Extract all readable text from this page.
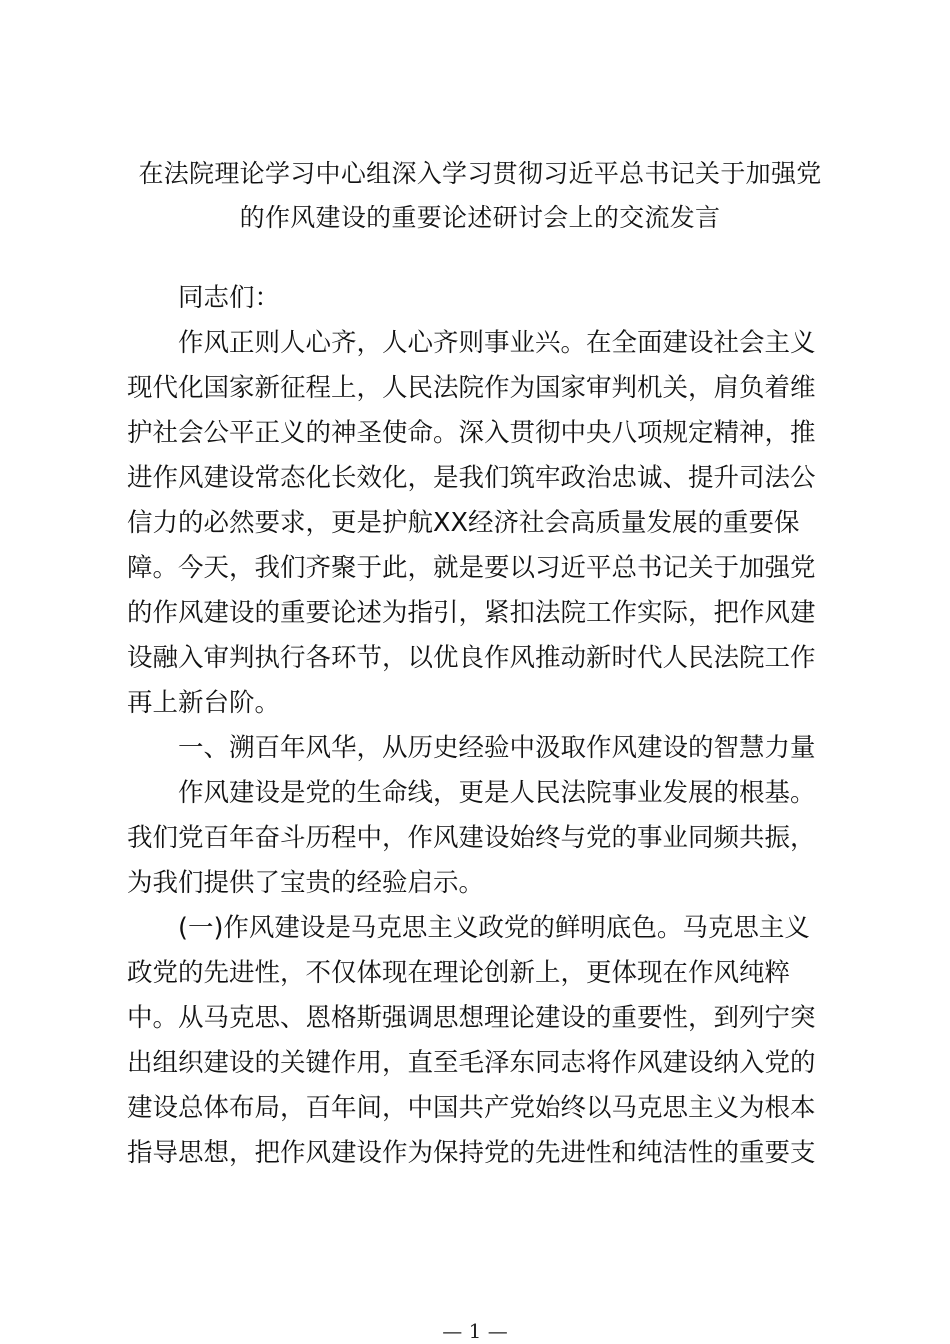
在法院理论学习中心组深入学习贯彻习近平总书记关于加强党
的作风建设的重要论述研讨会上的交流发言

同志们：

作风正则人心齐，人心齐则事业兴。在全面建设社会主义现代化国家新征程上，人民法院作为国家审判机关，肩负着维护社会公平正义的神圣使命。深入贯彻中央八项规定精神，推进作风建设常态化长效化，是我们筑牢政治忠诚、提升司法公信力的必然要求，更是护航XX经济社会高质量发展的重要保障。今天，我们齐聚于此，就是要以习近平总书记关于加强党的作风建设的重要论述为指引，紧扣法院工作实际，把作风建设融入审判执行各环节，以优良作风推动新时代人民法院工作再上新台阶。

一、溯百年风华，从历史经验中汲取作风建设的智慧力量

作风建设是党的生命线，更是人民法院事业发展的根基。我们党百年奋斗历程中，作风建设始终与党的事业同频共振，为我们提供了宝贵的经验启示。

(一)作风建设是马克思主义政党的鲜明底色。马克思主义政党的先进性，不仅体现在理论创新上，更体现在作风纯粹中。从马克思、恩格斯强调思想理论建设的重要性，到列宁突出组织建设的关键作用，直至毛泽东同志将作风建设纳入党的建设总体布局，百年间，中国共产党始终以马克思主义为根本指导思想，把作风建设作为保持党的先进性和纯洁性的重要支

— 1 —
